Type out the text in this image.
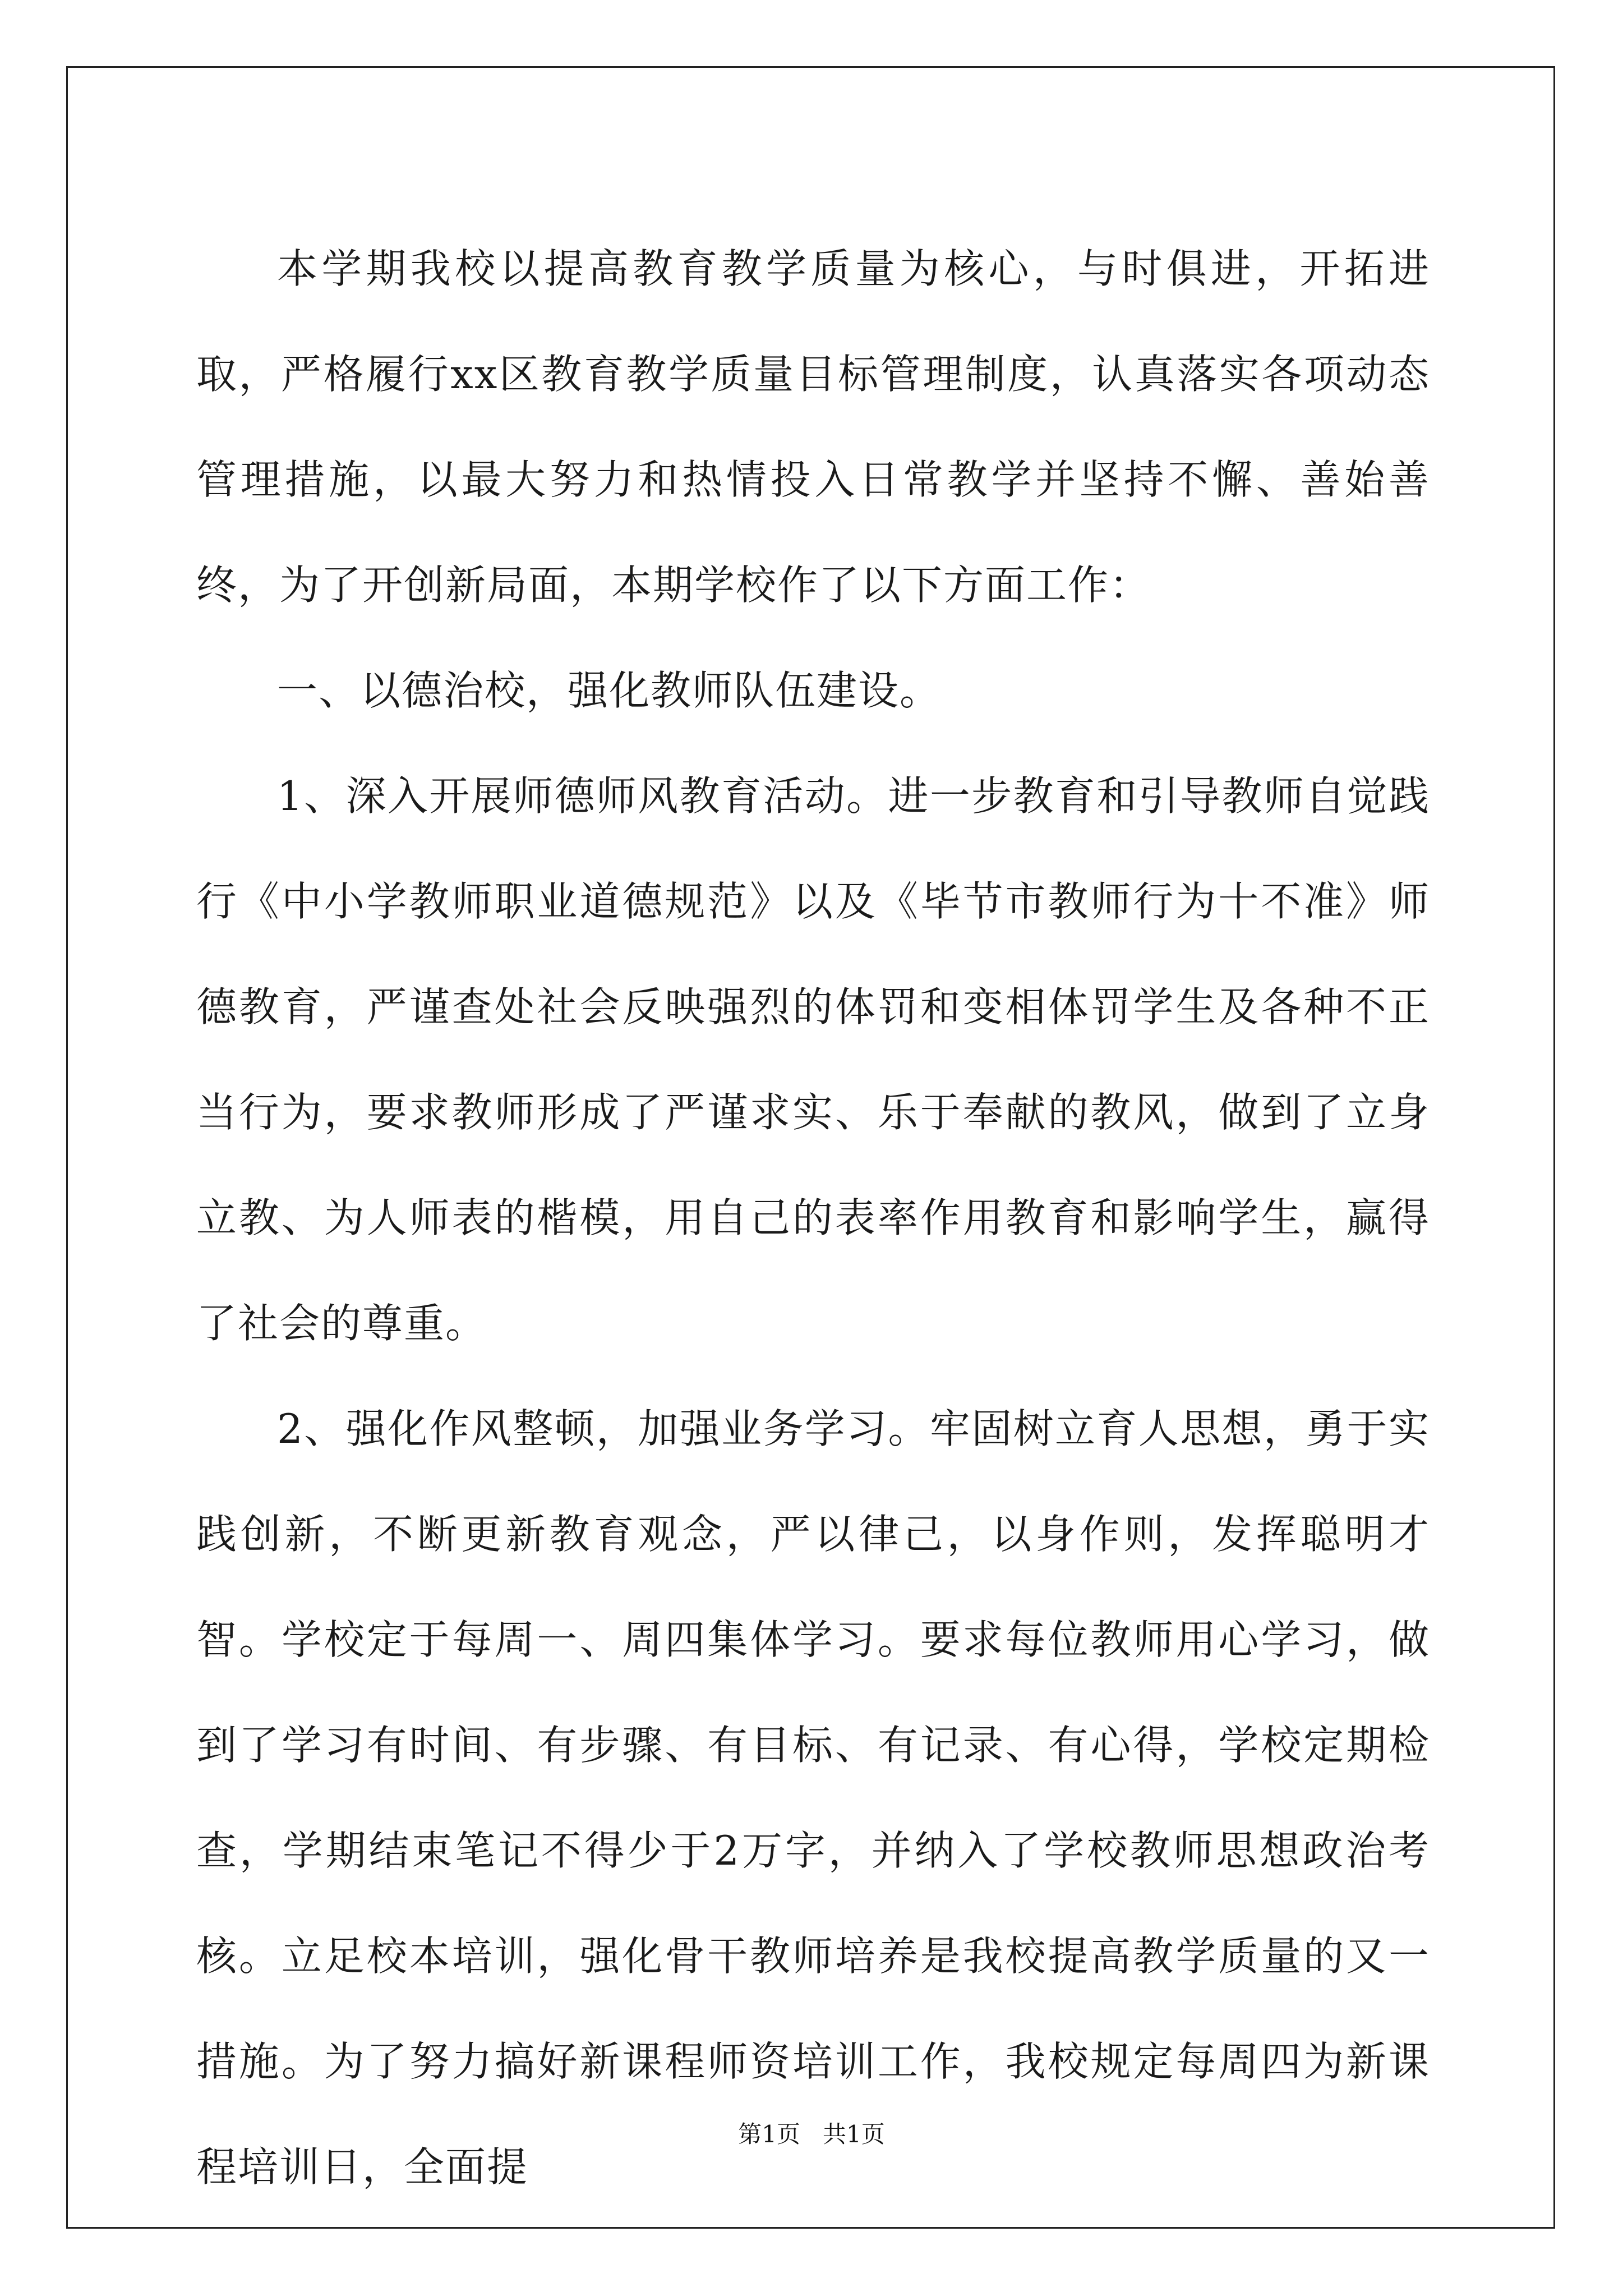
本学期我校以提高教育教学质量为核心，与时俱进，开拓进取，严格履行xx区教育教学质量目标管理制度，认真落实各项动态管理措施，以最大努力和热情投入日常教学并坚持不懈、善始善终，为了开创新局面，本期学校作了以下方面工作：

一、以德治校，强化教师队伍建设。

1、深入开展师德师风教育活动。进一步教育和引导教师自觉践行《中小学教师职业道德规范》以及《毕节市教师行为十不准》师德教育，严谨查处社会反映强烈的体罚和变相体罚学生及各种不正当行为，要求教师形成了严谨求实、乐于奉献的教风，做到了立身立教、为人师表的楷模，用自己的表率作用教育和影响学生，赢得了社会的尊重。

2、强化作风整顿，加强业务学习。牢固树立育人思想，勇于实践创新，不断更新教育观念，严以律己，以身作则，发挥聪明才智。学校定于每周一、周四集体学习。要求每位教师用心学习，做到了学习有时间、有步骤、有目标、有记录、有心得，学校定期检查，学期结束笔记不得少于2万字，并纳入了学校教师思想政治考核。立足校本培训，强化骨干教师培养是我校提高教学质量的又一措施。为了努力搞好新课程师资培训工作，我校规定每周四为新课程培训日，全面提

第1页 共1页
